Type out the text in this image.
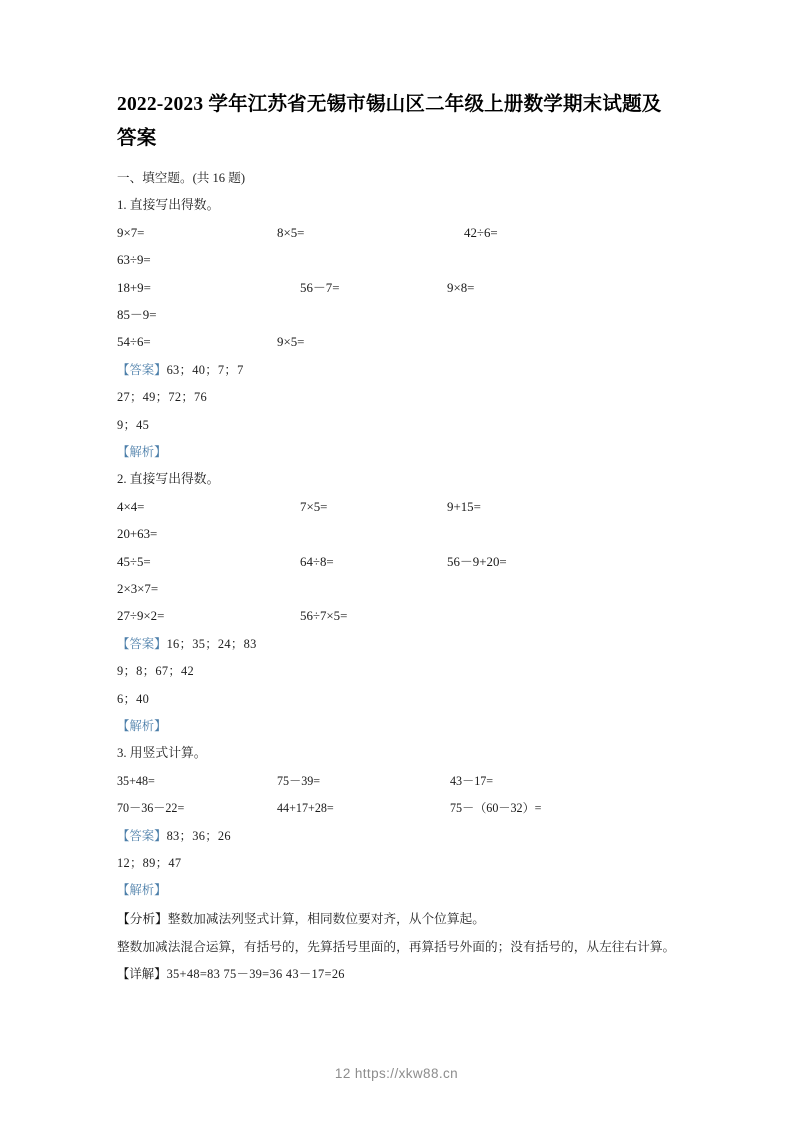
2022-2023 学年江苏省无锡市锡山区二年级上册数学期末试题及答案
一、填空题。(共 16 题)
1. 直接写出得数。
9×7=	8×5=	42÷6=
63÷9=
18+9=	56－7=	9×8=
85－9=
54÷6=	9×5=
【答案】63；40；7；7
27；49；72；76
9；45
【解析】
2. 直接写出得数。
4×4=	7×5=	9+15=
20+63=
45÷5=	64÷8=	56－9+20=
2×3×7=
27÷9×2=	56÷7×5=
【答案】16；35；24；83
9；8；67；42
6；40
【解析】
3. 用竖式计算。
35+48=	75－39=	43－17=
70－36－22=	44+17+28=	75－（60－32）=
【答案】83；36；26
12；89；47
【解析】
【分析】整数加减法列竖式计算，相同数位要对齐，从个位算起。
整数加减法混合运算，有括号的，先算括号里面的，再算括号外面的；没有括号的，从左往右计算。
【详解】35+48=83 75－39=36 43－17=26
12 https://xkw88.cn
